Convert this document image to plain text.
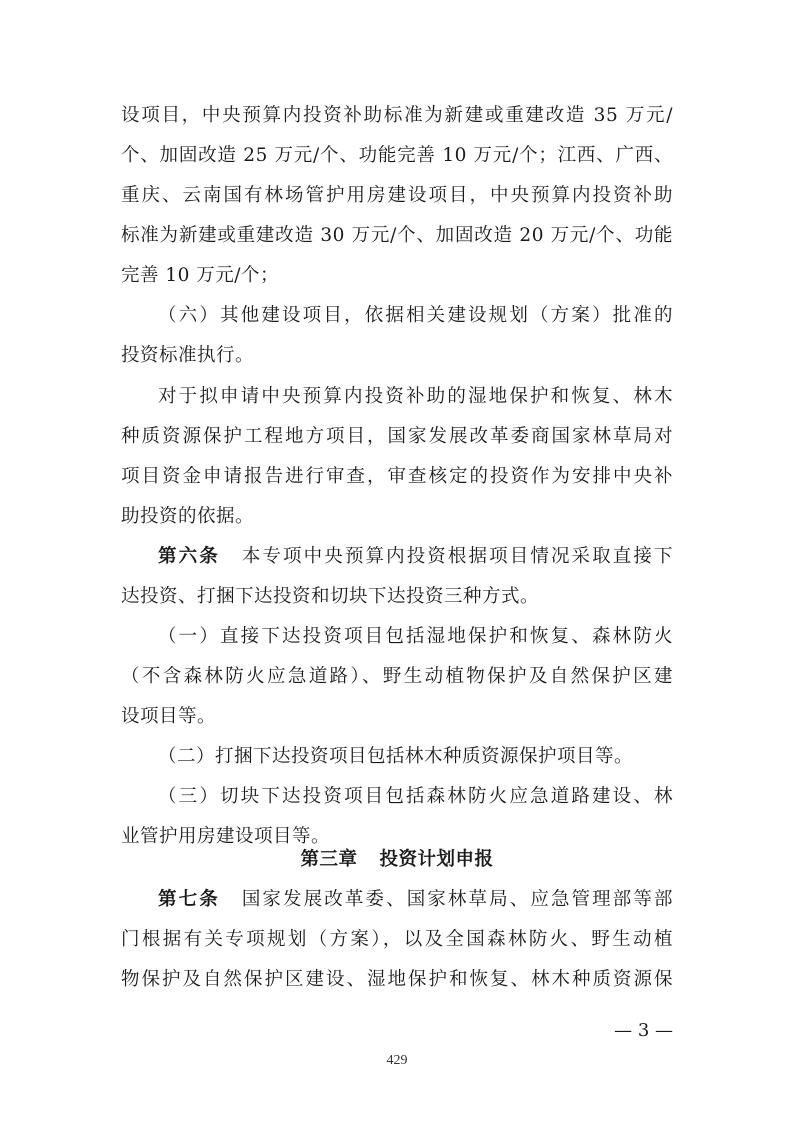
设项目，中央预算内投资补助标准为新建或重建改造 35 万元/
个、加固改造 25 万元/个、功能完善 10 万元/个；江西、广西、
重庆、云南国有林场管护用房建设项目，中央预算内投资补助
标准为新建或重建改造 30 万元/个、加固改造 20 万元/个、功能
完善 10 万元/个；
（六）其他建设项目，依据相关建设规划（方案）批准的
投资标准执行。
对于拟申请中央预算内投资补助的湿地保护和恢复、林木
种质资源保护工程地方项目，国家发展改革委商国家林草局对
项目资金申请报告进行审查，审查核定的投资作为安排中央补
助投资的依据。
第六条 本专项中央预算内投资根据项目情况采取直接下
达投资、打捆下达投资和切块下达投资三种方式。
（一）直接下达投资项目包括湿地保护和恢复、森林防火
（不含森林防火应急道路）、野生动植物保护及自然保护区建
设项目等。
（二）打捆下达投资项目包括林木种质资源保护项目等。
（三）切块下达投资项目包括森林防火应急道路建设、林
业管护用房建设项目等。
第三章 投资计划申报
第七条 国家发展改革委、国家林草局、应急管理部等部
门根据有关专项规划（方案），以及全国森林防火、野生动植
物保护及自然保护区建设、湿地保护和恢复、林木种质资源保
— 3 —
429
